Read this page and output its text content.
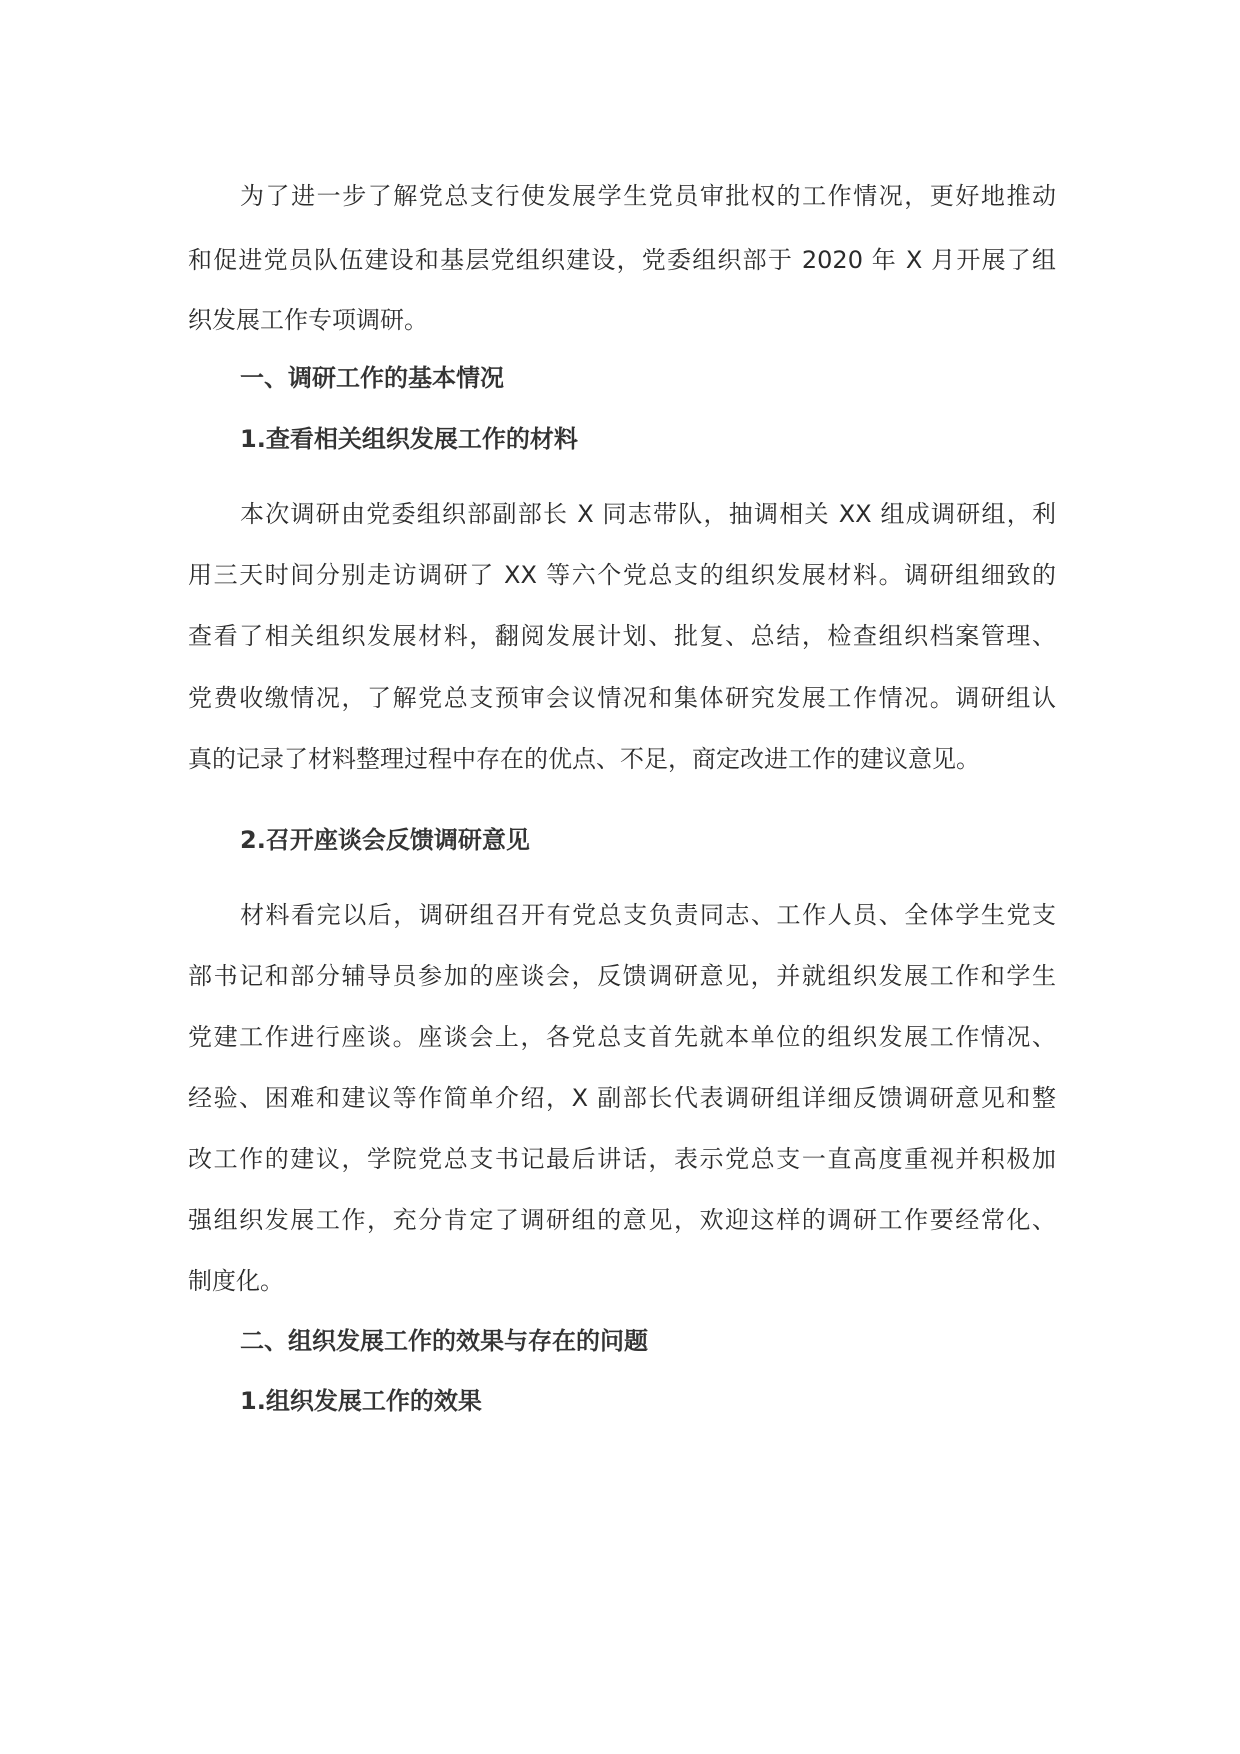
为了进一步了解党总支行使发展学生党员审批权的工作情况，更好地推动
和促进党员队伍建设和基层党组织建设，党委组织部于 2020 年 X 月开展了组
织发展工作专项调研。
一、调研工作的基本情况
1.查看相关组织发展工作的材料
本次调研由党委组织部副部长 X 同志带队，抽调相关 XX 组成调研组，利
用三天时间分别走访调研了 XX 等六个党总支的组织发展材料。调研组细致的
查看了相关组织发展材料，翻阅发展计划、批复、总结，检查组织档案管理、
党费收缴情况，了解党总支预审会议情况和集体研究发展工作情况。调研组认
真的记录了材料整理过程中存在的优点、不足，商定改进工作的建议意见。
2.召开座谈会反馈调研意见
材料看完以后，调研组召开有党总支负责同志、工作人员、全体学生党支
部书记和部分辅导员参加的座谈会，反馈调研意见，并就组织发展工作和学生
党建工作进行座谈。座谈会上，各党总支首先就本单位的组织发展工作情况、
经验、困难和建议等作简单介绍，X 副部长代表调研组详细反馈调研意见和整
改工作的建议，学院党总支书记最后讲话，表示党总支一直高度重视并积极加
强组织发展工作，充分肯定了调研组的意见，欢迎这样的调研工作要经常化、
制度化。
二、组织发展工作的效果与存在的问题
1.组织发展工作的效果
